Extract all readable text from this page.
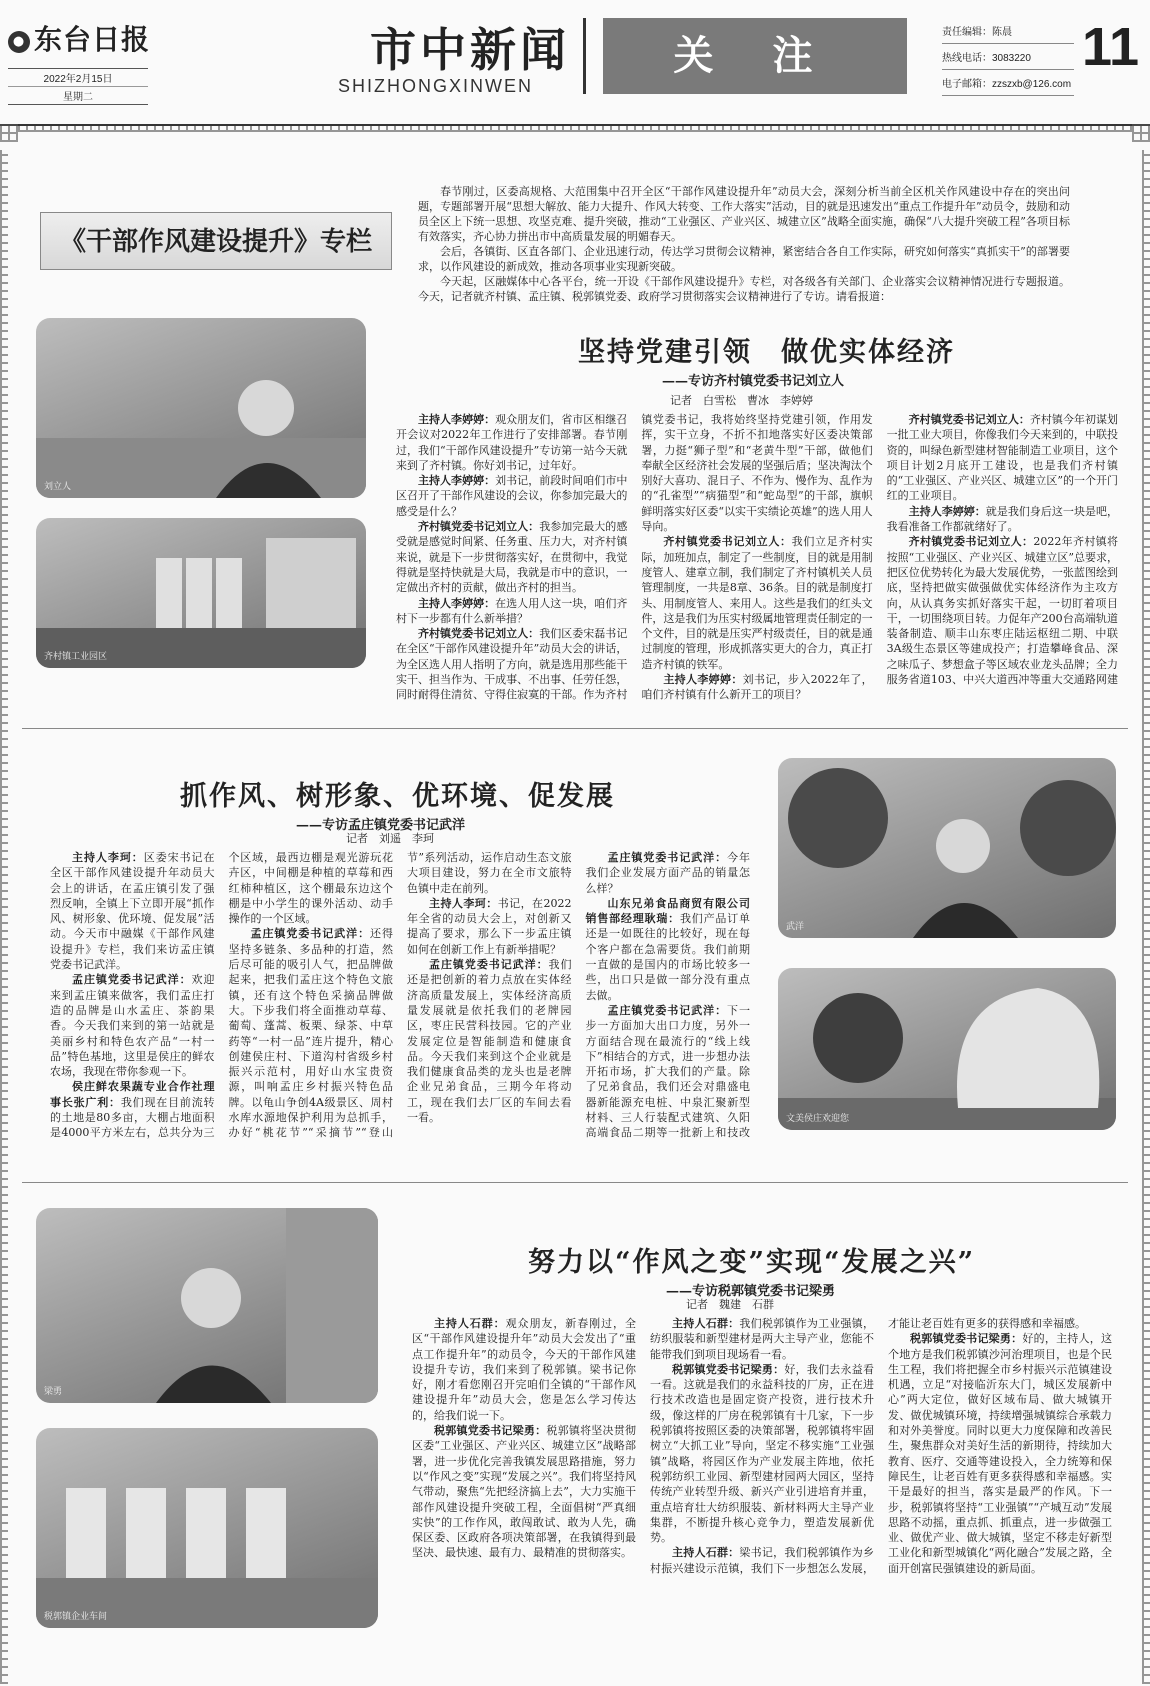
● 东台日报
2022年2月15日
星期二
市中新闻
SHIZHONGXINWEN
关 注
责任编辑：陈晨
热线电话：3083220
电子邮箱：zzszxb@126.com
11
《干部作风建设提升》专栏

春节刚过，区委高规格、大范围集中召开全区“干部作风建设提升年”动员大会，深刻分析当前全区机关作风建设中存在的突出问题，专题部署开展“思想大解放、能力大提升、作风大转变、工作大落实”活动，目的就是迅速发出“重点工作提升年”动员令，鼓励和动员全区上下统一思想、攻坚克难、提升突破，推动“工业强区、产业兴区、城建立区”战略全面实施，确保“八大提升突破工程”各项目标有效落实，齐心协力拼出市中高质量发展的明媚春天。

会后，各镇街、区直各部门、企业迅速行动，传达学习贯彻会议精神，紧密结合各自工作实际，研究如何落实“真抓实干”的部署要求，以作风建设的新成效，推动各项事业实现新突破。

今天起，区融媒体中心各平台，统一开设《干部作风建设提升》专栏，对各级各有关部门、企业落实会议精神情况进行专题报道。今天，记者就齐村镇、孟庄镇、税郭镇党委、政府学习贯彻落实会议精神进行了专访。请看报道：

刘立人
齐村镇工业园区
坚持党建引领　做优实体经济
——专访齐村镇党委书记刘立人
记者　白雪松　曹冰　李婷婷

主持人李婷婷：观众朋友们，省市区相继召开会议对2022年工作进行了安排部署。春节刚过，我们“干部作风建设提升”专访第一站今天就来到了齐村镇。你好刘书记，过年好。

主持人李婷婷：刘书记，前段时间咱们市中区召开了干部作风建设的会议，你参加完最大的感受是什么？

齐村镇党委书记刘立人：我参加完最大的感受就是感觉时间紧、任务重、压力大，对齐村镇来说，就是下一步贯彻落实好，在贯彻中，我觉得就是坚持快就是大局，我就是市中的意识，一定做出齐村的贡献，做出齐村的担当。

主持人李婷婷：在选人用人这一块，咱们齐村下一步都有什么新举措？

齐村镇党委书记刘立人：我们区委宋磊书记在全区“干部作风建设提升年”动员大会的讲话，为全区选人用人指明了方向，就是选用那些能干实干、担当作为、干成事、不出事、任劳任怨，同时耐得住清贫、守得住寂寞的干部。作为齐村镇党委书记，我将始终坚持党建引领，作用发挥，实干立身，不折不扣地落实好区委决策部署，力挺“狮子型”和“老黄牛型”干部，做他们奉献全区经济社会发展的坚强后盾；坚决淘汰个别好大喜功、混日子、不作为、慢作为、乱作为的“孔雀型”“病猫型”和“蛇岛型”的干部，旗帜鲜明落实好区委“以实干实绩论英雄”的选人用人导向。

齐村镇党委书记刘立人：我们立足齐村实际，加班加点，制定了一些制度，目的就是用制度管人、建章立制，我们制定了齐村镇机关人员管理制度，一共是8章、36条。目的就是制度打头、用制度管人、来用人。这些是我们的红头文件，这是我们为压实村级属地管理责任制定的一个文件，目的就是压实严村级责任，目的就是通过制度的管理，形成抓落实更大的合力，真正打造齐村镇的铁军。

主持人李婷婷：刘书记，步入2022年了，咱们齐村镇有什么新开工的项目？

齐村镇党委书记刘立人：齐村镇今年初谋划一批工业大项目，你像我们今天来到的，中联投资的，叫绿色新型建材智能制造工业项目，这个项目计划2月底开工建设，也是我们齐村镇的“工业强区、产业兴区、城建立区”的一个开门红的工业项目。

主持人李婷婷：就是我们身后这一块是吧，我看准备工作都就绪好了。

齐村镇党委书记刘立人：2022年齐村镇将按照“工业强区、产业兴区、城建立区”总要求，把区位优势转化为最大发展优势，一张蓝图绘到底，坚持把做实做强做优实体经济作为主攻方向，从认真务实抓好落实干起，一切盯着项目干，一切围绕项目转。力促年产200台高端轨道装备制造、顺丰山东枣庄陆运枢纽二期、中联3A级生态景区等建成投产；打造攀峰食品、深之味瓜子、梦想盒子等区域农业龙头品牌；全力服务省道103、中兴大道西冲等重大交通路网建

抓作风、树形象、优环境、促发展
——专访孟庄镇党委书记武洋
记者　刘遥　李珂

主持人李珂：区委宋书记在全区干部作风建设提升年动员大会上的讲话，在孟庄镇引发了强烈反响，全镇上下立即开展“抓作风、树形象、优环境、促发展”活动。今天市中融媒《干部作风建设提升》专栏，我们来访孟庄镇党委书记武洋。

孟庄镇党委书记武洋：欢迎来到孟庄镇来做客，我们孟庄打造的品牌是山水孟庄、茶韵果香。今天我们来到的第一站就是美丽乡村和特色农产品“一村一品”特色基地，这里是侯庄的鲜农农场，我现在带你参观一下。

侯庄鲜农果蔬专业合作社理事长张广利：我们现在目前流转的土地是80多亩，大棚占地面积是4000平方米左右，总共分为三个区域，最西边棚是观光游玩花卉区，中间棚是种植的草莓和西红柿种植区，这个棚最东边这个棚是中小学生的课外活动、动手操作的一个区域。

孟庄镇党委书记武洋：还得坚持多链条、多品种的打造，然后尽可能的吸引人气，把品牌做起来，把我们孟庄这个特色文旅镇，还有这个特色采摘品牌做大。下步我们将全面推动草莓、葡萄、蓬蒿、板栗、绿茶、中草药等“一村一品”连片提升，精心创建侯庄村、下道沟村省级乡村振兴示范村，用好山水宝贵资源，叫响孟庄乡村振兴特色品牌。以龟山争创4A级景区、周村水库水源地保护利用为总抓手，办好“桃花节”“采摘节”“登山节”系列活动，运作启动生态文旅大项目建设，努力在全市文旅特色镇中走在前列。

主持人李珂：书记，在2022年全省的动员大会上，对创新又提高了要求，那么下一步孟庄镇如何在创新工作上有新举措呢？

孟庄镇党委书记武洋：我们还是把创新的着力点放在实体经济高质量发展上，实体经济高质量发展就是依托我们的老牌园区，枣庄民营科技园。它的产业发展定位是智能制造和健康食品。今天我们来到这个企业就是我们健康食品类的龙头也是老牌企业兄弟食品，三期今年将动工，现在我们去厂区的车间去看一看。

孟庄镇党委书记武洋：今年我们企业发展方面产品的销量怎么样？

山东兄弟食品商贸有限公司销售部经理耿瑞：我们产品订单还是一如既往的比较好，现在每个客户都在急需要货。我们前期一直做的是国内的市场比较多一些，出口只是做一部分没有重点去做。

孟庄镇党委书记武洋：下一步一方面加大出口力度，另外一方面结合现在最流行的“线上线下”相结合的方式，进一步想办法开拓市场，扩大我们的产量。除了兄弟食品，我们还会对鼎盛电器新能源充电桩、中泉汇聚新型材料、三人行装配式建筑、久阳高端食品二期等一批新上和技改

武洋
文美侯庄欢迎您
梁勇
税郭镇企业车间
努力以“作风之变”实现“发展之兴”
——专访税郭镇党委书记梁勇
记者　魏建　石群

主持人石群：观众朋友，新春刚过，全区“干部作风建设提升年”动员大会发出了“重点工作提升年”的动员令，今天的干部作风建设提升专访，我们来到了税郭镇。梁书记你好，刚才看您刚召开完咱们全镇的“干部作风建设提升年”动员大会，您是怎么学习传达的，给我们说一下。

税郭镇党委书记梁勇：税郭镇将坚决贯彻区委“工业强区、产业兴区、城建立区”战略部署，进一步优化完善我镇发展思路措施，努力以“作风之变”实现“发展之兴”。我们将坚持风气带动，聚焦“先把经济搞上去”，大力实施干部作风建设提升突破工程，全面倡树“严真细实快”的工作作风，敢闯敢试、敢为人先，确保区委、区政府各项决策部署，在我镇得到最坚决、最快速、最有力、最精准的贯彻落实。

主持人石群：我们税郭镇作为工业强镇，纺织服装和新型建材是两大主导产业，您能不能带我们到项目现场看一看。

税郭镇党委书记梁勇：好，我们去永益看一看。这就是我们的永益科技的厂房，正在进行技术改造也是固定资产投资，进行技术升级，像这样的厂房在税郭镇有十几家，下一步税郭镇将按照区委的决策部署，税郭镇将牢固树立“大抓工业”导向，坚定不移实施“工业强镇”战略，将园区作为产业发展主阵地，依托税郭纺织工业园、新型建材园两大园区，坚持传统产业转型升级、新兴产业引进培育并重，重点培育壮大纺织服装、新材料两大主导产业集群，不断提升核心竞争力，塑造发展新优势。

主持人石群：梁书记，我们税郭镇作为乡村振兴建设示范镇，我们下一步想怎么发展，才能让老百姓有更多的获得感和幸福感。

税郭镇党委书记梁勇：好的，主持人，这个地方是我们税郭镇沙河治理项目，也是个民生工程，我们将把握全市乡村振兴示范镇建设机遇，立足“对接临沂东大门，城区发展新中心”两大定位，做好区域布局、做大城镇开发、做优城镇环境，持续增强城镇综合承载力和对外美誉度。同时以更大力度保障和改善民生，聚焦群众对美好生活的新期待，持续加大教育、医疗、交通等建设投入，全力统筹和保障民生，让老百姓有更多获得感和幸福感。实干是最好的担当，落实是最严的作风。下一步，税郭镇将坚持“工业强镇”“产城互动”发展思路不动摇，重点抓、抓重点，进一步做强工业、做优产业、做大城镇，坚定不移走好新型工业化和新型城镇化“两化融合”发展之路，全面开创富民强镇建设的新局面。
